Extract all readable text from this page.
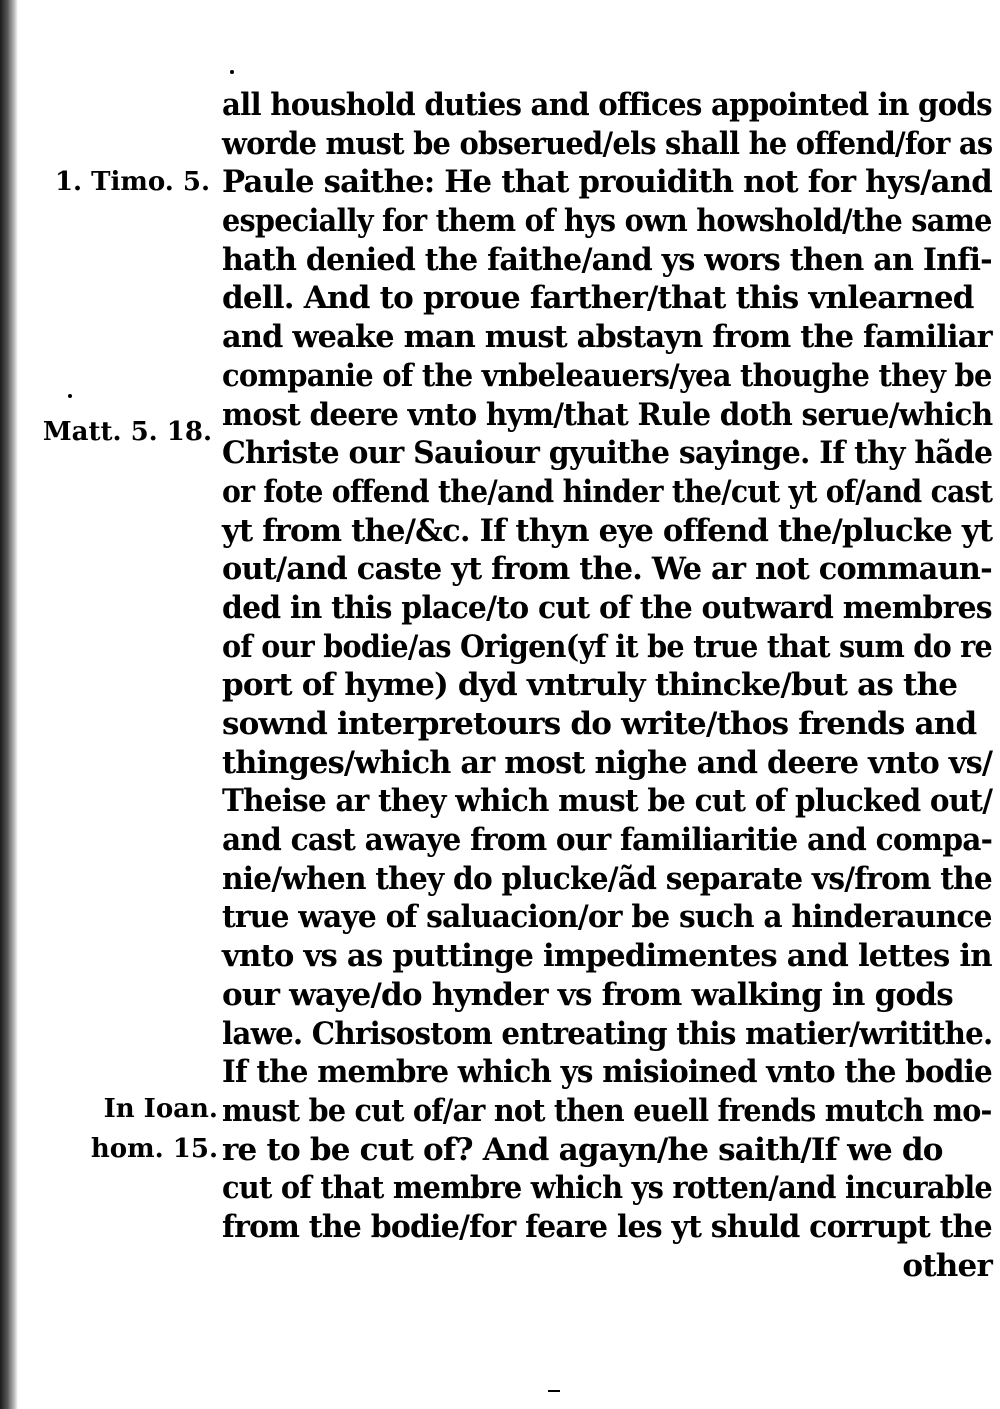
1. Timo. 5.
Matt. 5. 18.
In Ioan.
hom. 15.
all houshold duties and offices appointed in gods
worde must be obserued/els shall he offend/for as
Paule saithe: He that prouidith not for hys/and
especially for them of hys own howshold/the same
hath denied the faithe/and ys wors then an Infi-
dell. And to proue farther/that this vnlearned
and weake man must abstayn from the familiar
companie of the vnbeleauers/yea thoughe they be
most deere vnto hym/that Rule doth serue/which
Christe our Sauiour gyuithe sayinge. If thy hãde
or fote offend the/and hinder the/cut yt of/and cast
yt from the/&c. If thyn eye offend the/plucke yt
out/and caste yt from the. We ar not commaun-
ded in this place/to cut of the outward membres
of our bodie/as Origen(yf it be true that sum do re
port of hyme) dyd vntruly thincke/but as the
sownd interpretours do write/thos frends and
thinges/which ar most nighe and deere vnto vs/
Theise ar they which must be cut of plucked out/
and cast awaye from our familiaritie and compa-
nie/when they do plucke/ãd separate vs/from the
true waye of saluacion/or be such a hinderaunce
vnto vs as puttinge impedimentes and lettes in
our waye/do hynder vs from walking in gods
lawe. Chrisostom entreating this matier/writithe.
If the membre which ys misioined vnto the bodie
must be cut of/ar not then euell frends mutch mo-
re to be cut of? And agayn/he saith/If we do
cut of that membre which ys rotten/and incurable
from the bodie/for feare les yt shuld corrupt the
other
